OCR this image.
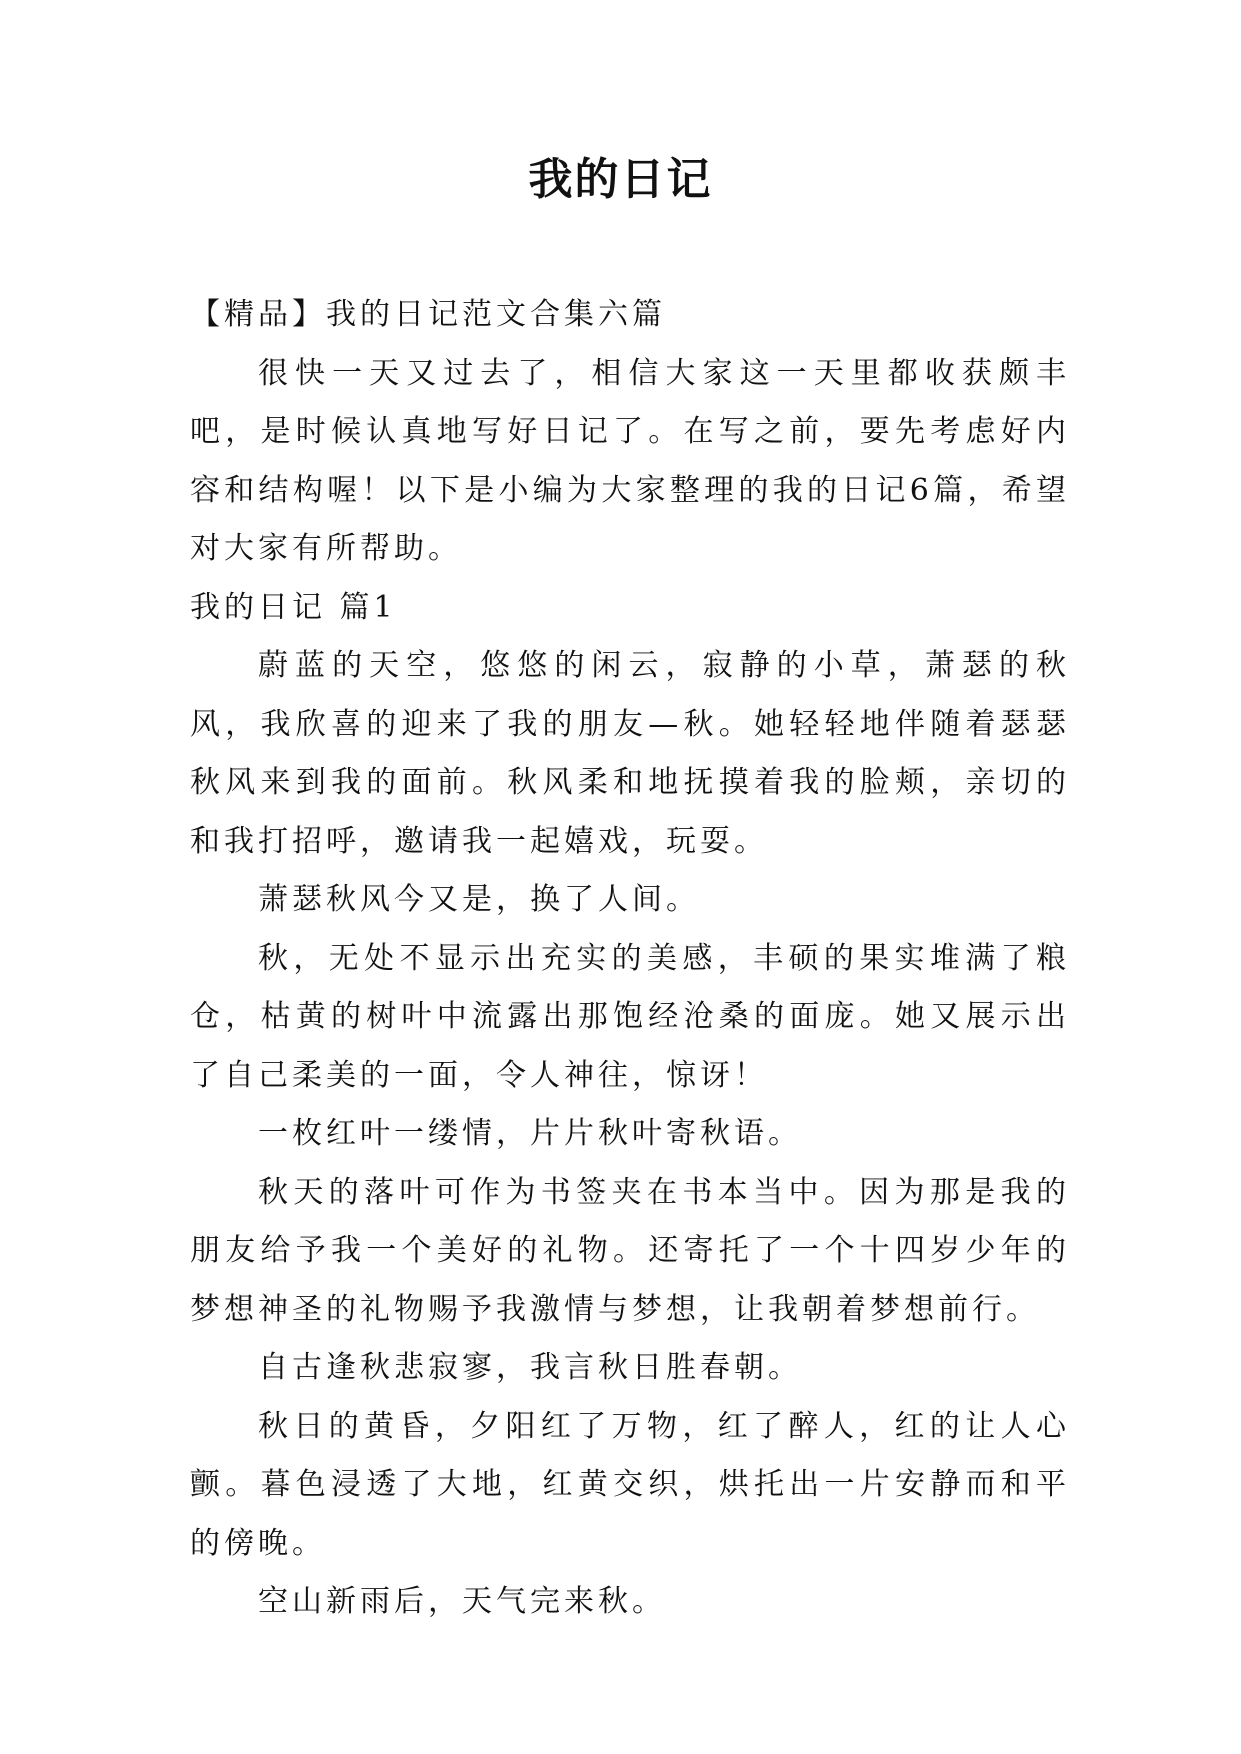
我的日记

【精品】我的日记范文合集六篇

很快一天又过去了，相信大家这一天里都收获颇丰吧，是时候认真地写好日记了。在写之前，要先考虑好内容和结构喔！以下是小编为大家整理的我的日记6篇，希望对大家有所帮助。

我的日记 篇1

蔚蓝的天空，悠悠的闲云，寂静的小草，萧瑟的秋风，我欣喜的迎来了我的朋友—秋。她轻轻地伴随着瑟瑟秋风来到我的面前。秋风柔和地抚摸着我的脸颊，亲切的和我打招呼，邀请我一起嬉戏，玩耍。

萧瑟秋风今又是，换了人间。

秋，无处不显示出充实的美感，丰硕的果实堆满了粮仓，枯黄的树叶中流露出那饱经沧桑的面庞。她又展示出了自己柔美的一面，令人神往，惊讶！

一枚红叶一缕情，片片秋叶寄秋语。

秋天的落叶可作为书签夹在书本当中。因为那是我的朋友给予我一个美好的礼物。还寄托了一个十四岁少年的梦想神圣的礼物赐予我激情与梦想，让我朝着梦想前行。

自古逢秋悲寂寥，我言秋日胜春朝。

秋日的黄昏，夕阳红了万物，红了醉人，红的让人心颤。暮色浸透了大地，红黄交织，烘托出一片安静而和平的傍晚。

空山新雨后，天气完来秋。
